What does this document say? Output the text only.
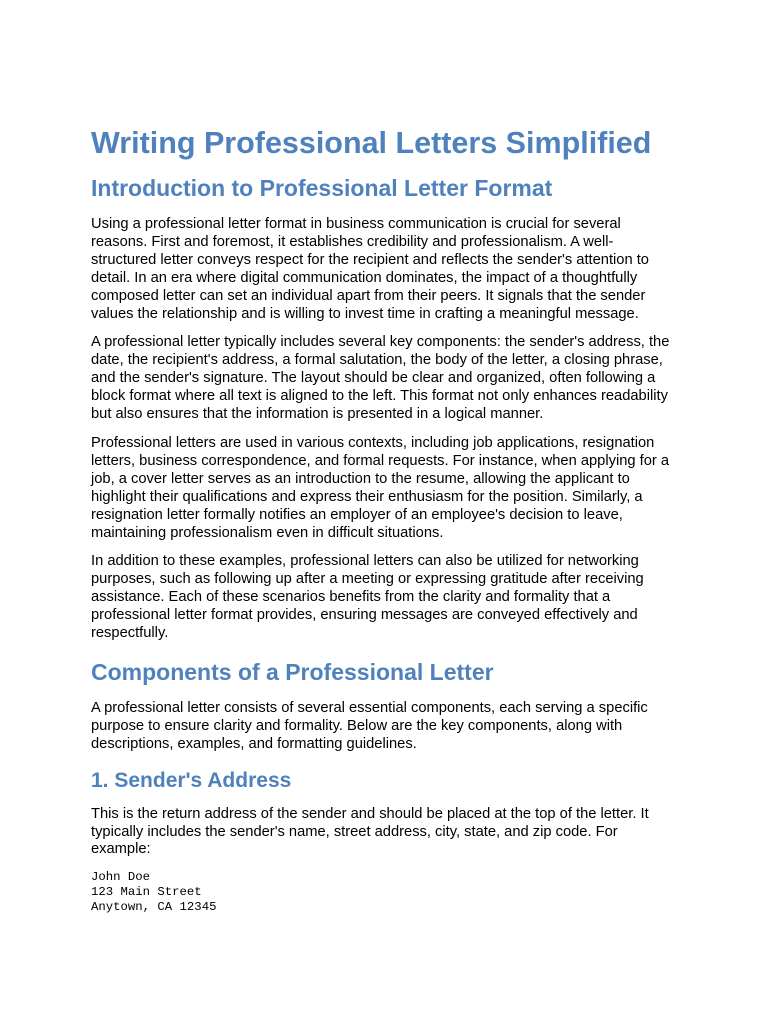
Writing Professional Letters Simplified
Introduction to Professional Letter Format

Using a professional letter format in business communication is crucial for several reasons. First and foremost, it establishes credibility and professionalism. A well-structured letter conveys respect for the recipient and reflects the sender's attention to detail. In an era where digital communication dominates, the impact of a thoughtfully composed letter can set an individual apart from their peers. It signals that the sender values the relationship and is willing to invest time in crafting a meaningful message.

A professional letter typically includes several key components: the sender's address, the date, the recipient's address, a formal salutation, the body of the letter, a closing phrase, and the sender's signature. The layout should be clear and organized, often following a block format where all text is aligned to the left. This format not only enhances readability but also ensures that the information is presented in a logical manner.

Professional letters are used in various contexts, including job applications, resignation letters, business correspondence, and formal requests. For instance, when applying for a job, a cover letter serves as an introduction to the resume, allowing the applicant to highlight their qualifications and express their enthusiasm for the position. Similarly, a resignation letter formally notifies an employer of an employee's decision to leave, maintaining professionalism even in difficult situations.

In addition to these examples, professional letters can also be utilized for networking purposes, such as following up after a meeting or expressing gratitude after receiving assistance. Each of these scenarios benefits from the clarity and formality that a professional letter format provides, ensuring messages are conveyed effectively and respectfully.

Components of a Professional Letter

A professional letter consists of several essential components, each serving a specific purpose to ensure clarity and formality. Below are the key components, along with descriptions, examples, and formatting guidelines.

1. Sender's Address

This is the return address of the sender and should be placed at the top of the letter. It typically includes the sender's name, street address, city, state, and zip code. For example:

John Doe
123 Main Street
Anytown, CA 12345
